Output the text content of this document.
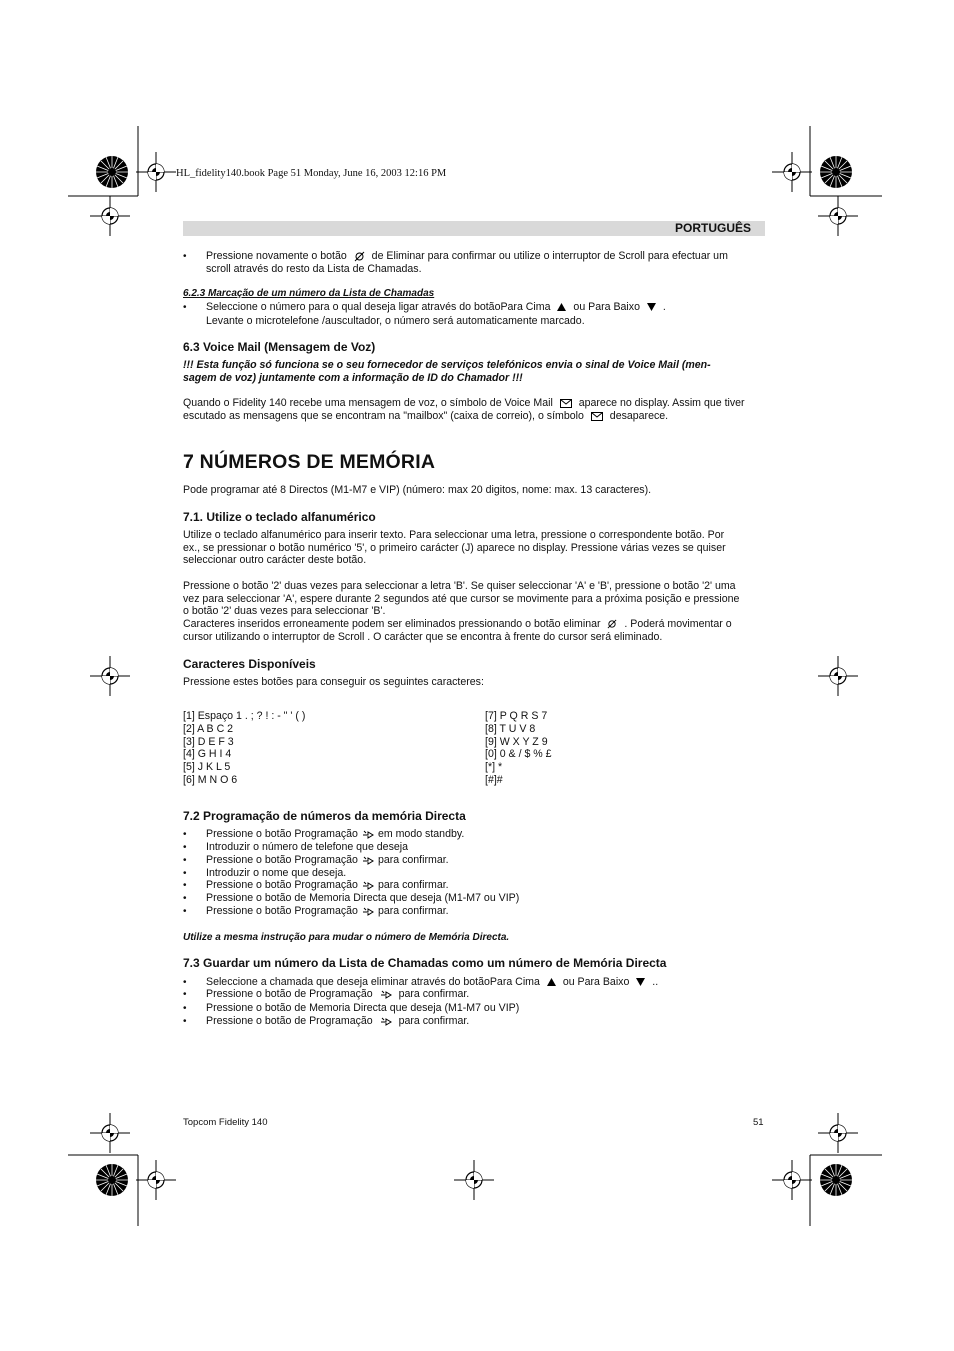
HL_fidelity140.book Page 51 Monday, June 16, 2003 12:16 PM
PORTUGUÊS
• Pressione novamente o botão de Eliminar para confirmar ou utilize o interruptor de Scroll para efectuar um
scroll através do resto da Lista de Chamadas.
6.2.3 Marcação de um número da Lista de Chamadas
• Seleccione o número para o qual deseja ligar através do botãoPara Cima ou Para Baixo .
Levante o microtelefone /auscultador, o número será automaticamente marcado.
6.3 Voice Mail (Mensagem de Voz)
!!! Esta função só funciona se o seu fornecedor de serviços telefónicos envia o sinal de Voice Mail (men-
sagem de voz) juntamente com a informação de ID do Chamador !!!
Quando o Fidelity 140 recebe uma mensagem de voz, o símbolo de Voice Mail aparece no display. Assim que tiver
escutado as mensagens que se encontram na "mailbox" (caixa de correio), o símbolo desaparece.
7 NÚMEROS DE MEMÓRIA
Pode programar até 8 Directos (M1-M7 e VIP) (número: max 20 digitos, nome: max. 13 caracteres).
7.1. Utilize o teclado alfanumérico
Utilize o teclado alfanumérico para inserir texto. Para seleccionar uma letra, pressione o correspondente botão. Por
ex., se pressionar o botão numérico '5', o primeiro carácter (J) aparece no display. Pressione várias vezes se quiser
seleccionar outro carácter deste botão.
Pressione o botão '2' duas vezes para seleccionar a letra 'B'. Se quiser seleccionar 'A' e 'B', pressione o botão '2' uma
vez para seleccionar 'A', espere durante 2 segundos até que cursor se movimente para a próxima posição e pressione
o botão '2' duas vezes para seleccionar 'B'.
Caracteres inseridos erroneamente podem ser eliminados pressionando o botão eliminar . Poderá movimentar o
cursor utilizando o interruptor de Scroll . O carácter que se encontra à frente do cursor será eliminado.
Caracteres Disponíveis
Pressione estes botões para conseguir os seguintes caracteres:
[1] Espaço 1 . ; ? ! : - " ' ( )
[2] A B C 2
[3] D E F 3
[4] G H I 4
[5] J K L 5
[6] M N O 6
[7] P Q R S 7
[8] T U V 8
[9] W X Y Z 9
[0] 0 & / $ % £
[*] *
[#]#
7.2 Programação de números da memória Directa
• Pressione o botão Programação em modo standby.
• Introduzir o número de telefone que deseja
• Pressione o botão Programação para confirmar.
• Introduzir o nome que deseja.
• Pressione o botão Programação para confirmar.
• Pressione o botão de Memoria Directa que deseja (M1-M7 ou VIP)
• Pressione o botão Programação para confirmar.
Utilize a mesma instrução para mudar o número de Memória Directa.
7.3 Guardar um número da Lista de Chamadas como um número de Memória Directa
• Seleccione a chamada que deseja eliminar através do botãoPara Cima ou Para Baixo ..
• Pressione o botão de Programação para confirmar.
• Pressione o botão de Memoria Directa que deseja (M1-M7 ou VIP)
• Pressione o botão de Programação para confirmar.
Topcom Fidelity 140	51
